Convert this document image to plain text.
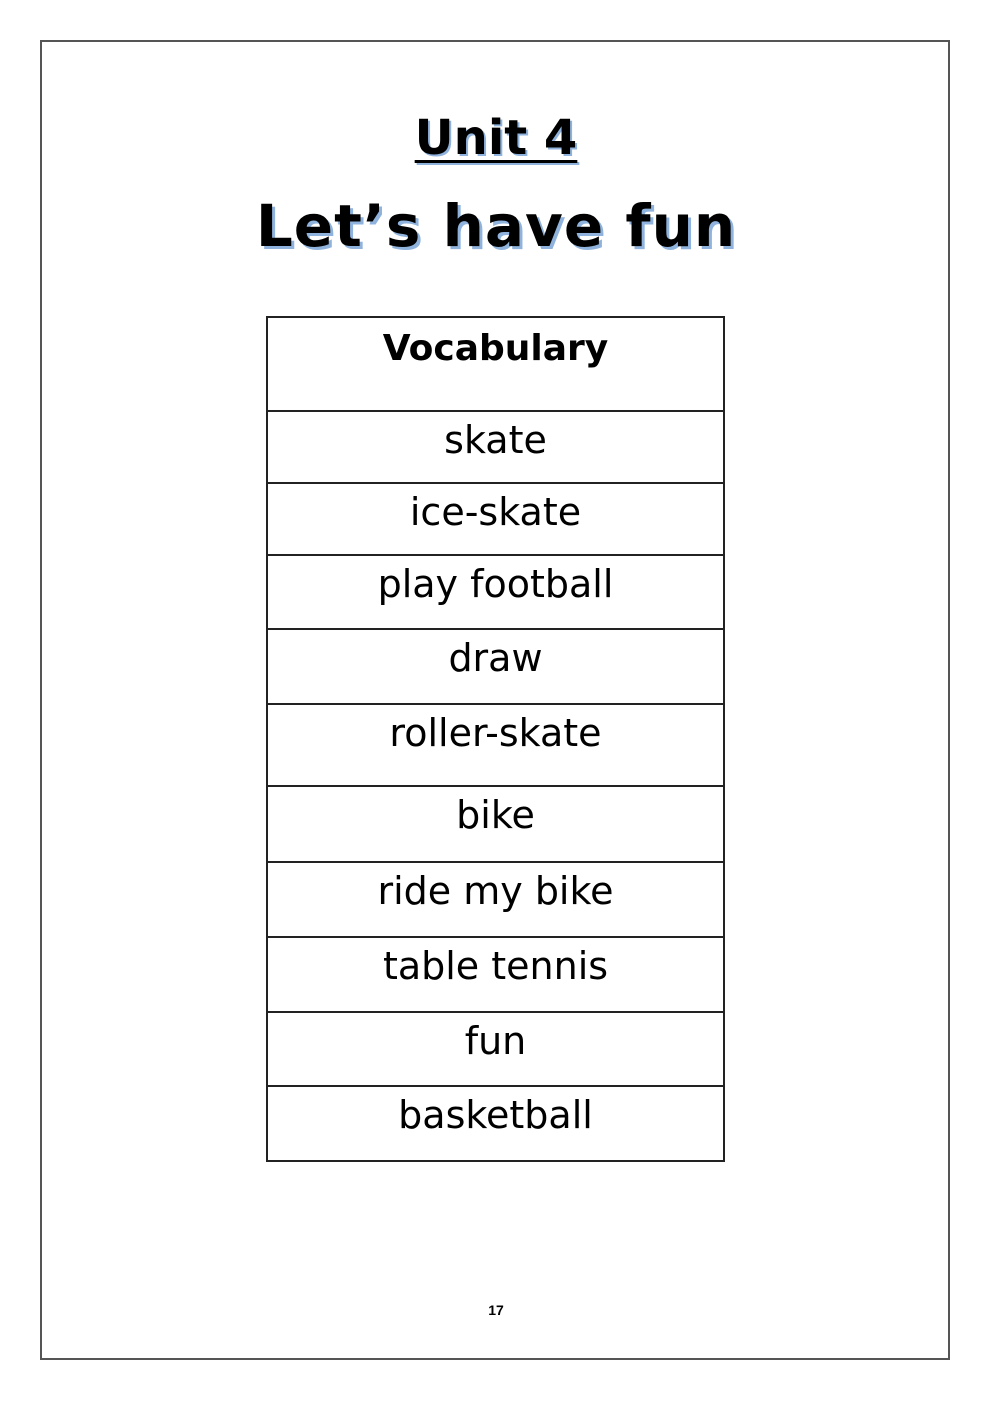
Unit 4
Let’s have fun
Vocabulary
skate
ice-skate
play football
draw
roller-skate
bike
ride my bike
table tennis
fun
basketball
17
